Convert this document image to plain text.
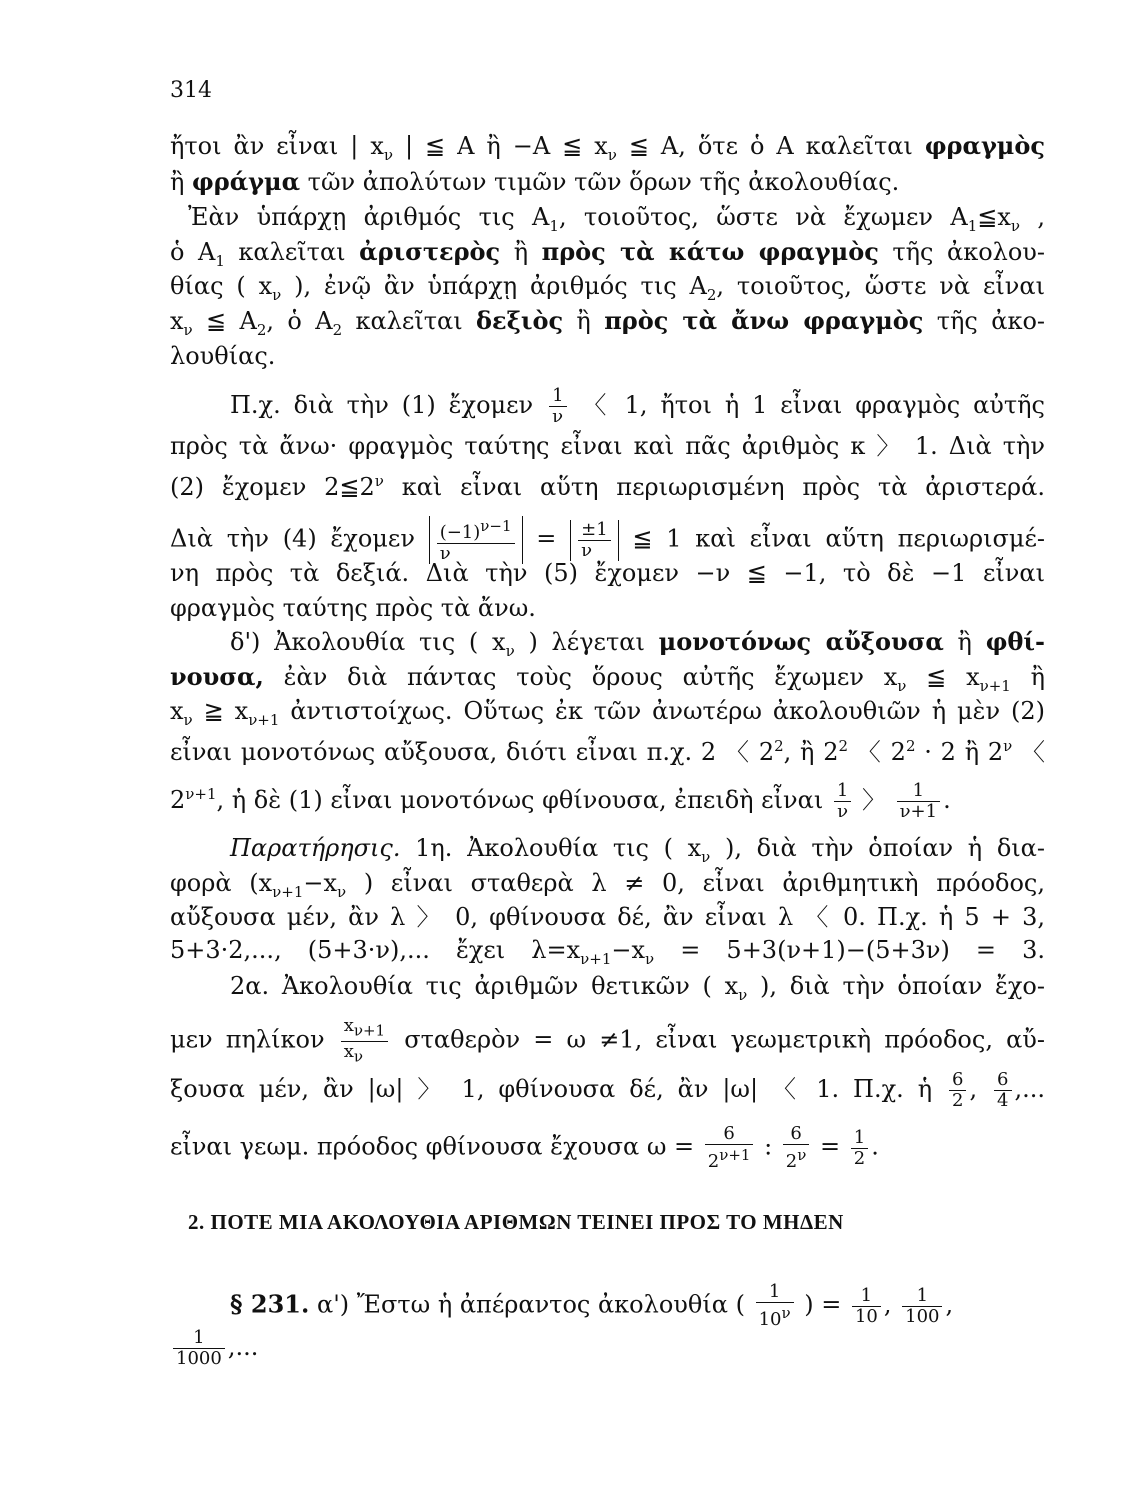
314
ἤτοι ἂν εἶναι | $x_\nu$ | ≦ Α ἢ −Α ≦ $x_\nu$ ≦ Α, ὅτε ὁ Α καλεῖται φραγμὸς
ἢ φράγμα τῶν ἀπολύτων τιμῶν τῶν ὅρων τῆς ἀκολουθίας.
Ἐὰν ὑπάρχῃ ἀριθμός τις $A_1$, τοιοῦτος, ὥστε νὰ ἔχωμεν $A_1≦x_\nu$ ,
ὁ $A_1$ καλεῖται ἀριστερὸς ἢ πρὸς τὰ κάτω φραγμὸς τῆς ἀκολου-
θίας ( $x_\nu$ ), ἐνῷ ἂν ὑπάρχῃ ἀριθμός τις $A_2$, τοιοῦτος, ὥστε νὰ εἶναι
$x_\nu$ ≦ $A_2$, ὁ $A_2$ καλεῖται δεξιὸς ἢ πρὸς τὰ ἄνω φραγμὸς τῆς ἀκο-
λουθίας.
Π.χ. διὰ τὴν (1) ἔχομεν $\frac{1}{\nu}$ 〈 1, ἤτοι ἡ 1 εἶναι φραγμὸς αὐτῆς
πρὸς τὰ ἄνω· φραγμὸς ταύτης εἶναι καὶ πᾶς ἀριθμὸς κ 〉 1. Διὰ τὴν
(2) ἔχομεν $2≦2^\nu$ καὶ εἶναι αὕτη περιωρισμένη πρὸς τὰ ἀριστερά.
Διὰ τὴν (4) ἔχομεν $\frac{(-1)^{\nu-1}}{\nu} = \frac{\pm 1}{\nu}$ ≦ 1 καὶ εἶναι αὕτη περιωρισμέ-
νη πρὸς τὰ δεξιά. Διὰ τὴν (5) ἔχομεν −ν ≦ −1, τὸ δὲ −1 εἶναι
φραγμὸς ταύτης πρὸς τὰ ἄνω.
δ') Ἀκολουθία τις ( $x_\nu$ ) λέγεται μονοτόνως αὔξουσα ἢ φθί-
νουσα, ἐὰν διὰ πάντας τοὺς ὅρους αὐτῆς ἔχωμεν $x_\nu$ ≦ $x_{\nu+1}$ ἢ
$x_\nu$ ≧ $x_{\nu+1}$ ἀντιστοίχως. Οὕτως ἐκ τῶν ἀνωτέρω ἀκολουθιῶν ἡ μὲν (2)
εἶναι μονοτόνως αὔξουσα, διότι εἶναι π.χ. 2 〈 $2^2$, ἢ $2^2$ 〈 $2^2 \cdot 2$ ἢ $2^\nu$ 〈
$2^{\nu+1}$, ἡ δὲ (1) εἶναι μονοτόνως φθίνουσα, ἐπειδὴ εἶναι $\frac{1}{\nu}$ 〉 $\frac{1}{\nu+1}$ .
Παρατήρησις. 1η. Ἀκολουθία τις ( $x_\nu$ ), διὰ τὴν ὁποίαν ἡ δια-
φορὰ ($x_{\nu+1}-x_\nu$ ) εἶναι σταθερὰ λ ≠ 0, εἶναι ἀριθμητικὴ πρόοδος,
αὔξουσα μέν, ἂν λ 〉 0, φθίνουσα δέ, ἂν εἶναι λ 〈 0. Π.χ. ἡ 5 + 3,
5+3·2,..., (5+3·ν),... ἔχει $\lambda=x_{\nu+1}-x_\nu = 5+3(\nu+1)-(5+3\nu) = 3$.
2α. Ἀκολουθία τις ἀριθμῶν θετικῶν ( $x_\nu$ ), διὰ τὴν ὁποίαν ἔχο-
μεν πηλίκον $\frac{x_{\nu+1}}{x_\nu}$ σταθερὸν = ω ≠1, εἶναι γεωμετρικὴ πρόοδος, αὔ-
ξουσα μέν, ἂν |ω| 〉 1, φθίνουσα δέ, ἂν |ω| 〈 1. Π.χ. ἡ $\frac{6}{2}$ , $\frac{6}{4}$ ,...
εἶναι γεωμ. πρόοδος φθίνουσα ἔχουσα $\omega = \frac{6}{2^{\nu+1}}$ : $\frac{6}{2^\nu} = \frac{1}{2}$ .
2. ΠΟΤΕ ΜΙΑ ΑΚΟΛΟΥΘΙΑ ΑΡΙΘΜΩΝ ΤΕΙΝΕΙ ΠΡΟΣ ΤΟ ΜΗΔΕΝ
§ 231. α') Ἔστω ἡ ἀπέραντος ἀκολουθία ( $\frac{1}{10^\nu}$ ) = $\frac{1}{10}$ , $\frac{1}{100}$ ,
$\frac{1}{1000}$ ,...
